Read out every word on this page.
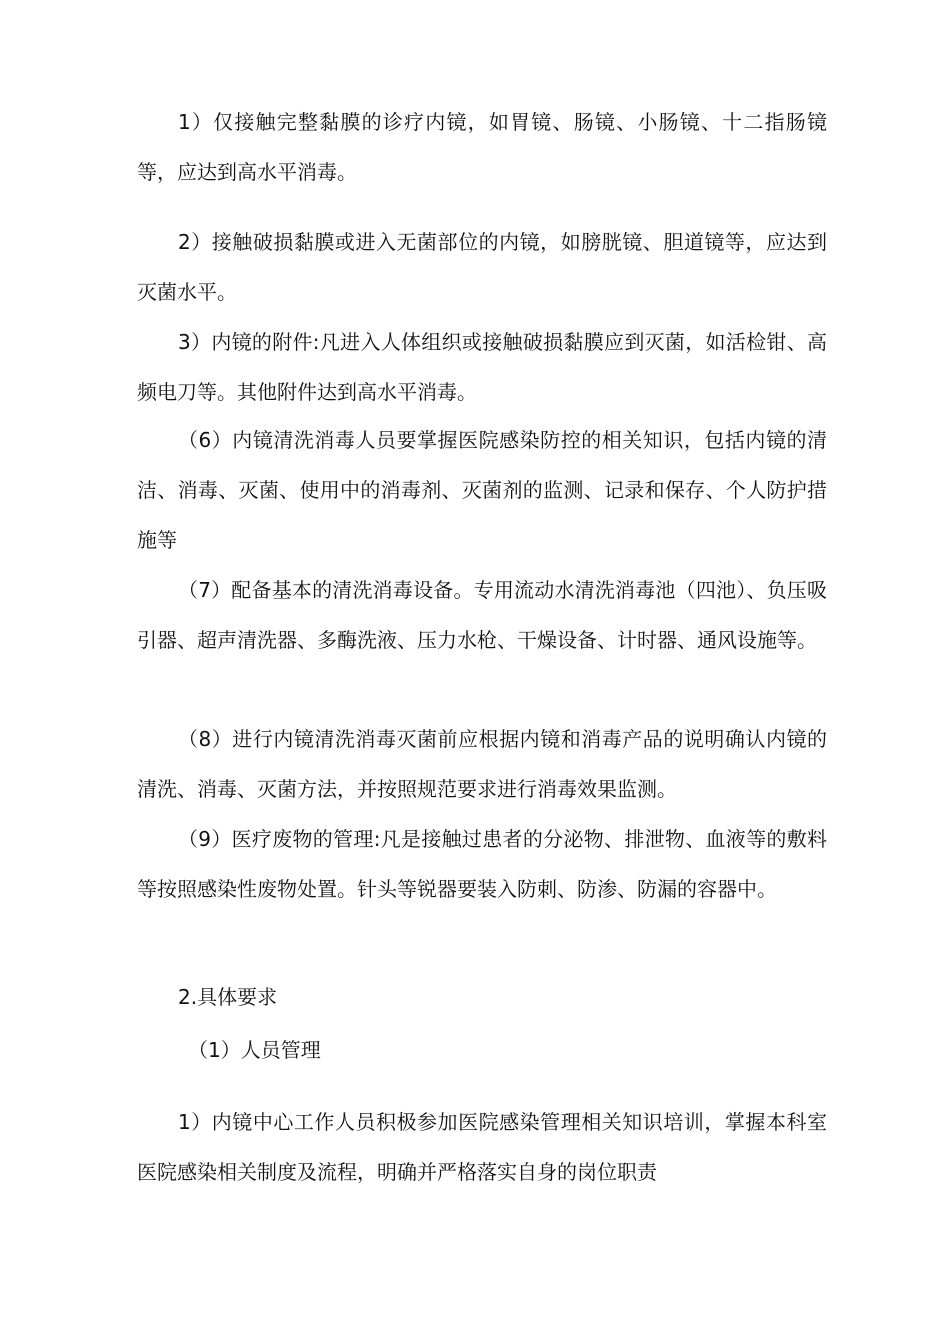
1）仅接触完整黏膜的诊疗内镜，如胃镜、肠镜、小肠镜、十二指肠镜等，应达到高水平消毒。

2）接触破损黏膜或进入无菌部位的内镜，如膀胱镜、胆道镜等，应达到灭菌水平。

3）内镜的附件:凡进入人体组织或接触破损黏膜应到灭菌，如活检钳、高频电刀等。其他附件达到高水平消毒。

（6）内镜清洗消毒人员要掌握医院感染防控的相关知识，包括内镜的清洁、消毒、灭菌、使用中的消毒剂、灭菌剂的监测、记录和保存、个人防护措施等

（7）配备基本的清洗消毒设备。专用流动水清洗消毒池（四池）、负压吸引器、超声清洗器、多酶洗液、压力水枪、干燥设备、计时器、通风设施等。

（8）进行内镜清洗消毒灭菌前应根据内镜和消毒产品的说明确认内镜的清洗、消毒、灭菌方法，并按照规范要求进行消毒效果监测。

（9）医疗废物的管理:凡是接触过患者的分泌物、排泄物、血液等的敷料等按照感染性废物处置。针头等锐器要装入防刺、防渗、防漏的容器中。

2.具体要求

（1）人员管理

1）内镜中心工作人员积极参加医院感染管理相关知识培训，掌握本科室医院感染相关制度及流程，明确并严格落实自身的岗位职责
